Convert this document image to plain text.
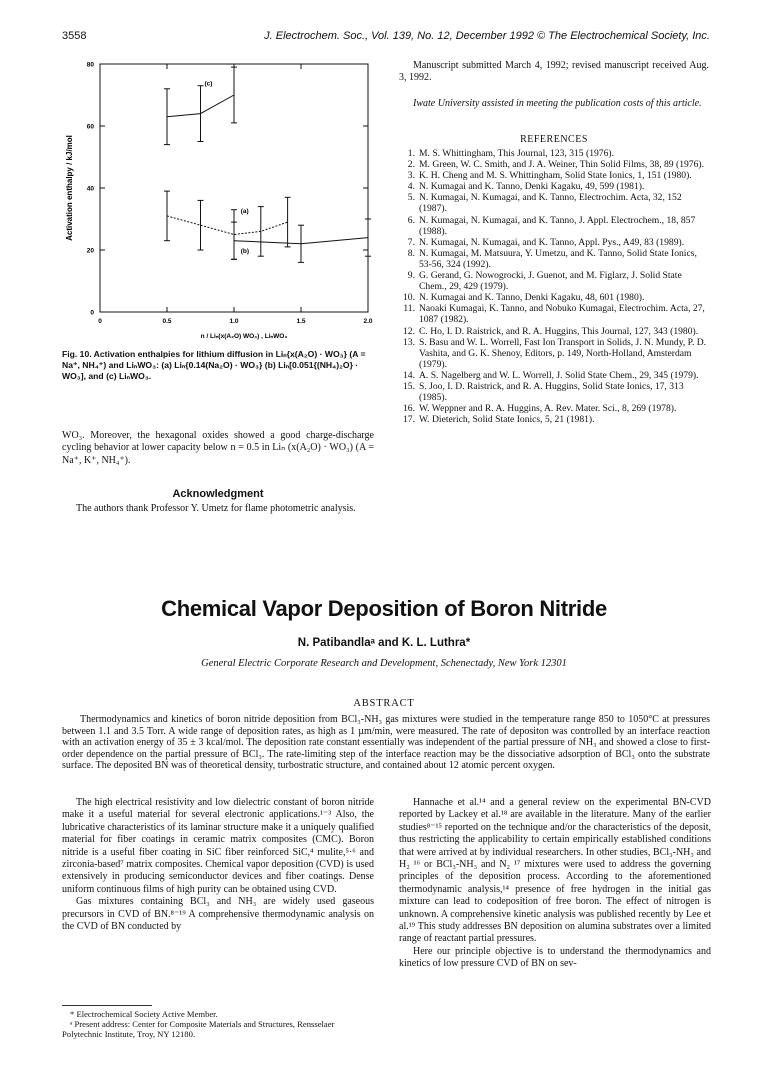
3558	J. Electrochem. Soc., Vol. 139, No. 12, December 1992 © The Electrochemical Society, Inc.
0	0.5	1.0	1.5	2.0
0
20
40
60
80
(c)
(a)
(b)
Activation enthalpy / kJ/mol
n / Liₙ(x(A₂O) WO₃) , LiₙWO₃
Fig. 10. Activation enthalpies for lithium diffusion in Liₙ{x(A₂O) · WO₃} (A = Na⁺, NH₄⁺) and LiₙWO₃: (a) Liₙ{0.14(Na₂O) · WO₃} (b) Liₙ[0.051{(NH₄)₂O} · WO₃], and (c) LiₙWO₃.
WO₃. Moreover, the hexagonal oxides showed a good charge-discharge cycling behavior at lower capacity below n = 0.5 in Liₙ (x(A₂O) · WO₃) (A = Na⁺, K⁺, NH₄⁺).
Acknowledgment
The authors thank Professor Y. Umetz for flame photometric analysis.
Manuscript submitted March 4, 1992; revised manuscript received Aug. 3, 1992.
Iwate University assisted in meeting the publication costs of this article.
REFERENCES
1. M. S. Whittingham, This Journal, 123, 315 (1976).
2. M. Green, W. C. Smith, and J. A. Weiner, Thin Solid Films, 38, 89 (1976).
3. K. H. Cheng and M. S. Whittingham, Solid State Ionics, 1, 151 (1980).
4. N. Kumagai and K. Tanno, Denki Kagaku, 49, 599 (1981).
5. N. Kumagai, N. Kumagai, and K. Tanno, Electrochim. Acta, 32, 152 (1987).
6. N. Kumagai, N. Kumagai, and K. Tanno, J. Appl. Electrochem., 18, 857 (1988).
7. N. Kumagai, N. Kumagai, and K. Tanno, Appl. Pys., A49, 83 (1989).
8. N. Kumagai, M. Matsuura, Y. Umetzu, and K. Tanno, Solid State Ionics, 53-56, 324 (1992).
9. G. Gerand, G. Nowogrocki, J. Guenot, and M. Figlarz, J. Solid State Chem., 29, 429 (1979).
10. N. Kumagai and K. Tanno, Denki Kagaku, 48, 601 (1980).
11. Naoaki Kumagai, K. Tanno, and Nobuko Kumagai, Electrochim. Acta, 27, 1087 (1982).
12. C. Ho, I. D. Raistrick, and R. A. Huggins, This Journal, 127, 343 (1980).
13. S. Basu and W. L. Worrell, Fast Ion Transport in Solids, J. N. Mundy, P. D. Vashita, and G. K. Shenoy, Editors, p. 149, North-Holland, Amsterdam (1979).
14. A. S. Nagelberg and W. L. Worrell, J. Solid State Chem., 29, 345 (1979).
15. S. Joo, I. D. Raistrick, and R. A. Huggins, Solid State Ionics, 17, 313 (1985).
16. W. Weppner and R. A. Huggins, A. Rev. Mater. Sci., 8, 269 (1978).
17. W. Dieterich, Solid State Ionics, 5, 21 (1981).
Chemical Vapor Deposition of Boron Nitride
N. Patibandlaᵃ and K. L. Luthra*
General Electric Corporate Research and Development, Schenectady, New York 12301
ABSTRACT
Thermodynamics and kinetics of boron nitride deposition from BCl₃-NH₃ gas mixtures were studied in the temperature range 850 to 1050°C at pressures between 1.1 and 3.5 Torr. A wide range of deposition rates, as high as 1 µm/min, were measured. The rate of depositon was controlled by an interface reaction with an activation energy of 35 ± 3 kcal/mol. The deposition rate constant essentially was independent of the partial pressure of NH₃ and showed a close to first-order dependence on the partial pressure of BCl₃. The rate-limiting step of the interface reaction may be the dissociative adsorption of BCl₃ onto the substrate surface. The deposited BN was of theoretical density, turbostratic structure, and contained about 12 atomic percent oxygen.

The high electrical resistivity and low dielectric constant of boron nitride make it a useful material for several electronic applications.¹⁻³ Also, the lubricative characteristics of its laminar structure make it a uniquely qualified material for fiber coatings in ceramic matrix composites (CMC). Boron nitride is a useful fiber coating in SiC fiber reinforced SiC,⁴ mulite,⁵·⁶ and zirconia-based⁷ matrix composites. Chemical vapor deposition (CVD) is used extensively in producing semiconductor devices and fiber coatings. Dense uniform continuous films of high purity can be obtained using CVD.

Gas mixtures containing BCl₃ and NH₃ are widely used gaseous precursors in CVD of BN.⁸⁻¹⁹ A comprehensive thermodynamic analysis on the CVD of BN conducted by

Hannache et al.¹⁴ and a general review on the experimental BN-CVD reported by Lackey et al.¹⁸ are available in the literature. Many of the earlier studies⁸⁻¹⁵ reported on the technique and/or the characteristics of the deposit, thus restricting the applicability to certain empirically established conditions that were arrived at by individual researchers. In other studies, BCl₃-NH₃ and H₂ ¹⁶ or BCl₃-NH₃ and N₂ ¹⁷ mixtures were used to address the governing principles of the deposition process. According to the aforementioned thermodynamic analysis,¹⁴ presence of free hydrogen in the initial gas mixture can lead to codeposition of free boron. The effect of nitrogen is unknown. A comprehensive kinetic analysis was published recently by Lee et al.¹⁹ This study addresses BN deposition on alumina substrates over a limited range of reactant partial pressures.

Here our principle objective is to understand the thermodynamics and kinetics of low pressure CVD of BN on sev-

* Electrochemical Society Active Member.
ᵃ Present address: Center for Composite Materials and Structures, Rensselaer Polytechnic Institute, Troy, NY 12180.
